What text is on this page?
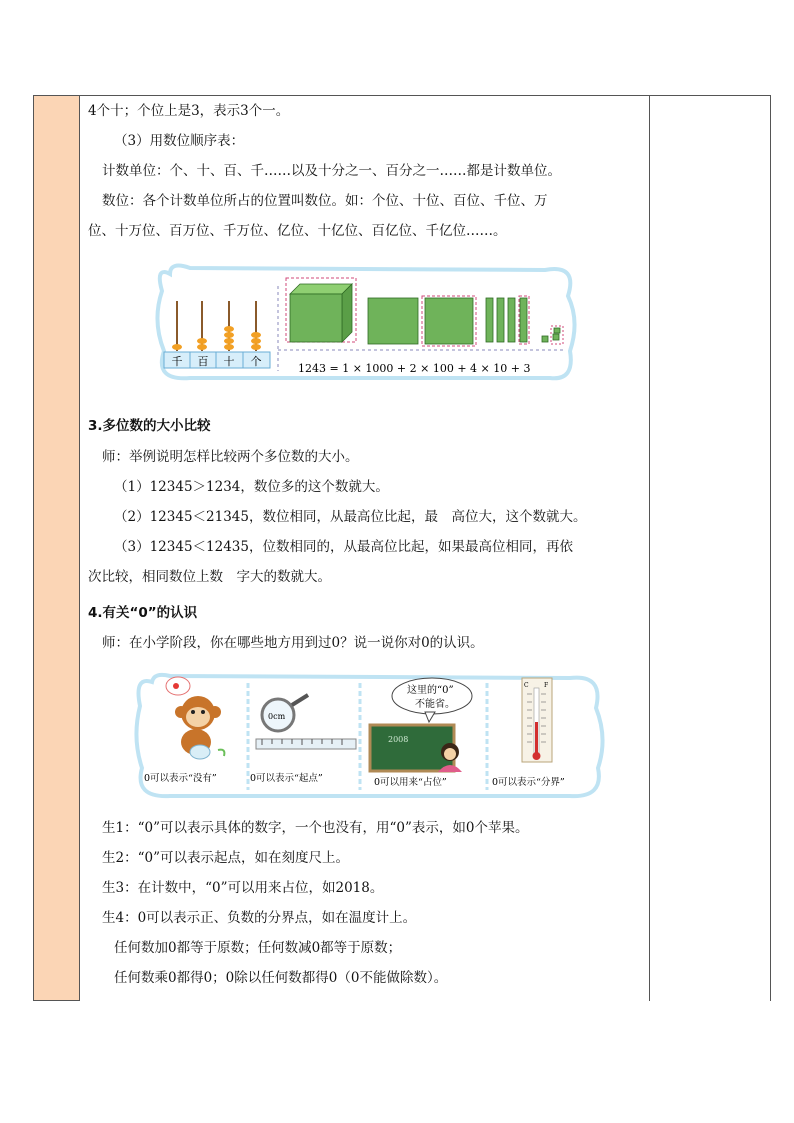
4个十；个位上是3，表示3个一。
（3）用数位顺序表：
计数单位：个、十、百、千……以及十分之一、百分之一……都是计数单位。
数位：各个计数单位所占的位置叫数位。如：个位、十位、百位、千位、万
位、十万位、百万位、千万位、亿位、十亿位、百亿位、千亿位……。
千 百 十 个
1243 = 1 × 1000 + 2 × 100 + 4 × 10 + 3
3.多位数的大小比较
师：举例说明怎样比较两个多位数的大小。
（1）12345＞1234，数位多的这个数就大。
（2）12345＜21345，数位相同，从最高位比起，最　高位大，这个数就大。
（3）12345＜12435，位数相同的，从最高位比起，如果最高位相同，再依
次比较，相同数位上数　字大的数就大。
4.有关“0”的认识
师：在小学阶段，你在哪些地方用到过0？说一说你对0的认识。
0可以表示“没有”
0cm
0可以表示“起点”
这里的“0”
不能省。
2008
0可以用来“占位”
C	F
0可以表示“分界”
生1：“0”可以表示具体的数字，一个也没有，用“0”表示，如0个苹果。
生2：“0”可以表示起点，如在刻度尺上。
生3：在计数中，“0”可以用来占位，如2018。
生4：0可以表示正、负数的分界点，如在温度计上。
任何数加0都等于原数；任何数减0都等于原数；
任何数乘0都得0；0除以任何数都得0（0不能做除数）。
